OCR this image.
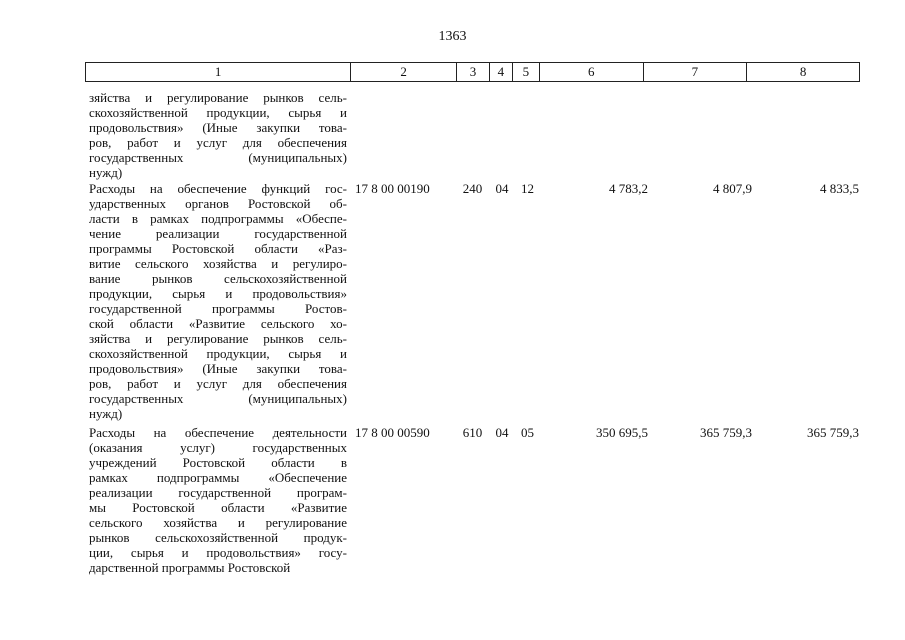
1363
1	2	3	4	5	6	7	8
зяйства и регулирование рынков сель-
скохозяйственной продукции, сырья и
продовольствия» (Иные закупки това-
ров, работ и услуг для обеспечения
государственных (муниципальных)
нужд)
Расходы на обеспечение функций гос-
ударственных органов Ростовской об-
ласти в рамках подпрограммы «Обеспе-
чение реализации государственной
программы Ростовской области «Раз-
витие сельского хозяйства и регулиро-
вание рынков сельскохозяйственной
продукции, сырья и продовольствия»
государственной программы Ростов-
ской области «Развитие сельского хо-
зяйства и регулирование рынков сель-
скохозяйственной продукции, сырья и
продовольствия» (Иные закупки това-
ров, работ и услуг для обеспечения
государственных (муниципальных)
нужд)
17 8 00 00190	240 04 12	4 783,2	4 807,9	4 833,5
Расходы на обеспечение деятельности
(оказания услуг) государственных
учреждений Ростовской области в
рамках подпрограммы «Обеспечение
реализации государственной програм-
мы Ростовской области «Развитие
сельского хозяйства и регулирование
рынков сельскохозяйственной продук-
ции, сырья и продовольствия» госу-
дарственной программы Ростовской
17 8 00 00590	610 04 05	350 695,5	365 759,3	365 759,3
